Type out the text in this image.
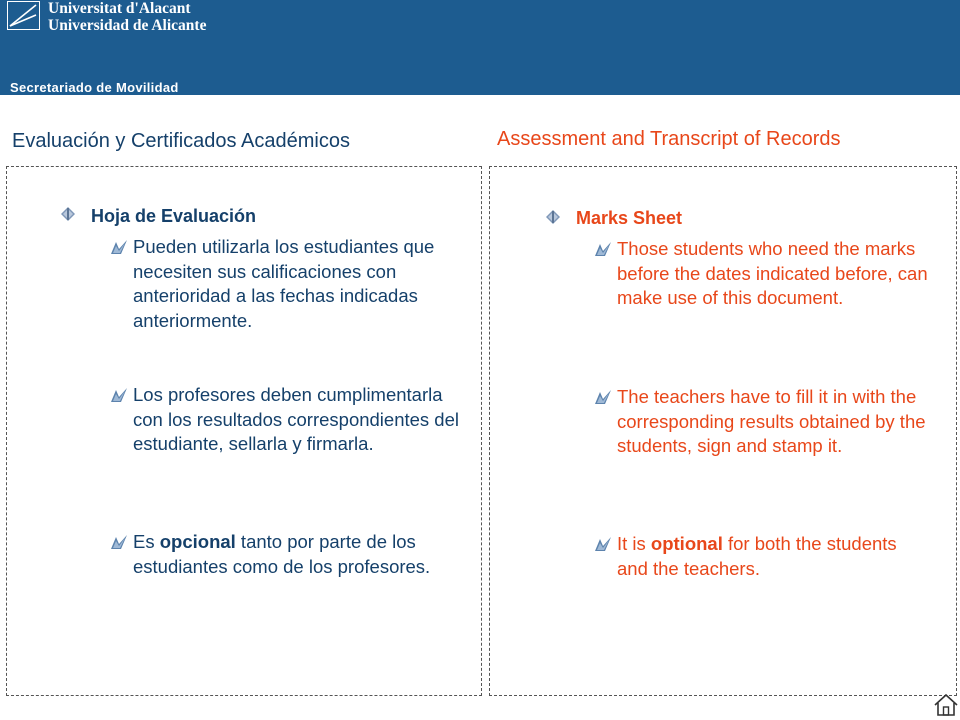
Universitat d'Alacant
Universidad de Alicante
Secretariado de Movilidad
Evaluación y Certificados Académicos	Assessment and Transcript of Records
Hoja de Evaluación
Pueden utilizarla los estudiantes que necesiten sus calificaciones con anterioridad a las fechas indicadas anteriormente.
Los profesores deben cumplimentarla con los resultados correspondientes del estudiante, sellarla y firmarla.
Es opcional tanto por parte de los estudiantes como de los profesores.
Marks Sheet
Those students who need the marks before the dates indicated before, can make use of this document.
The teachers have to fill it in with the corresponding results obtained by the students, sign and stamp it.
It is optional for both the students and the teachers.
